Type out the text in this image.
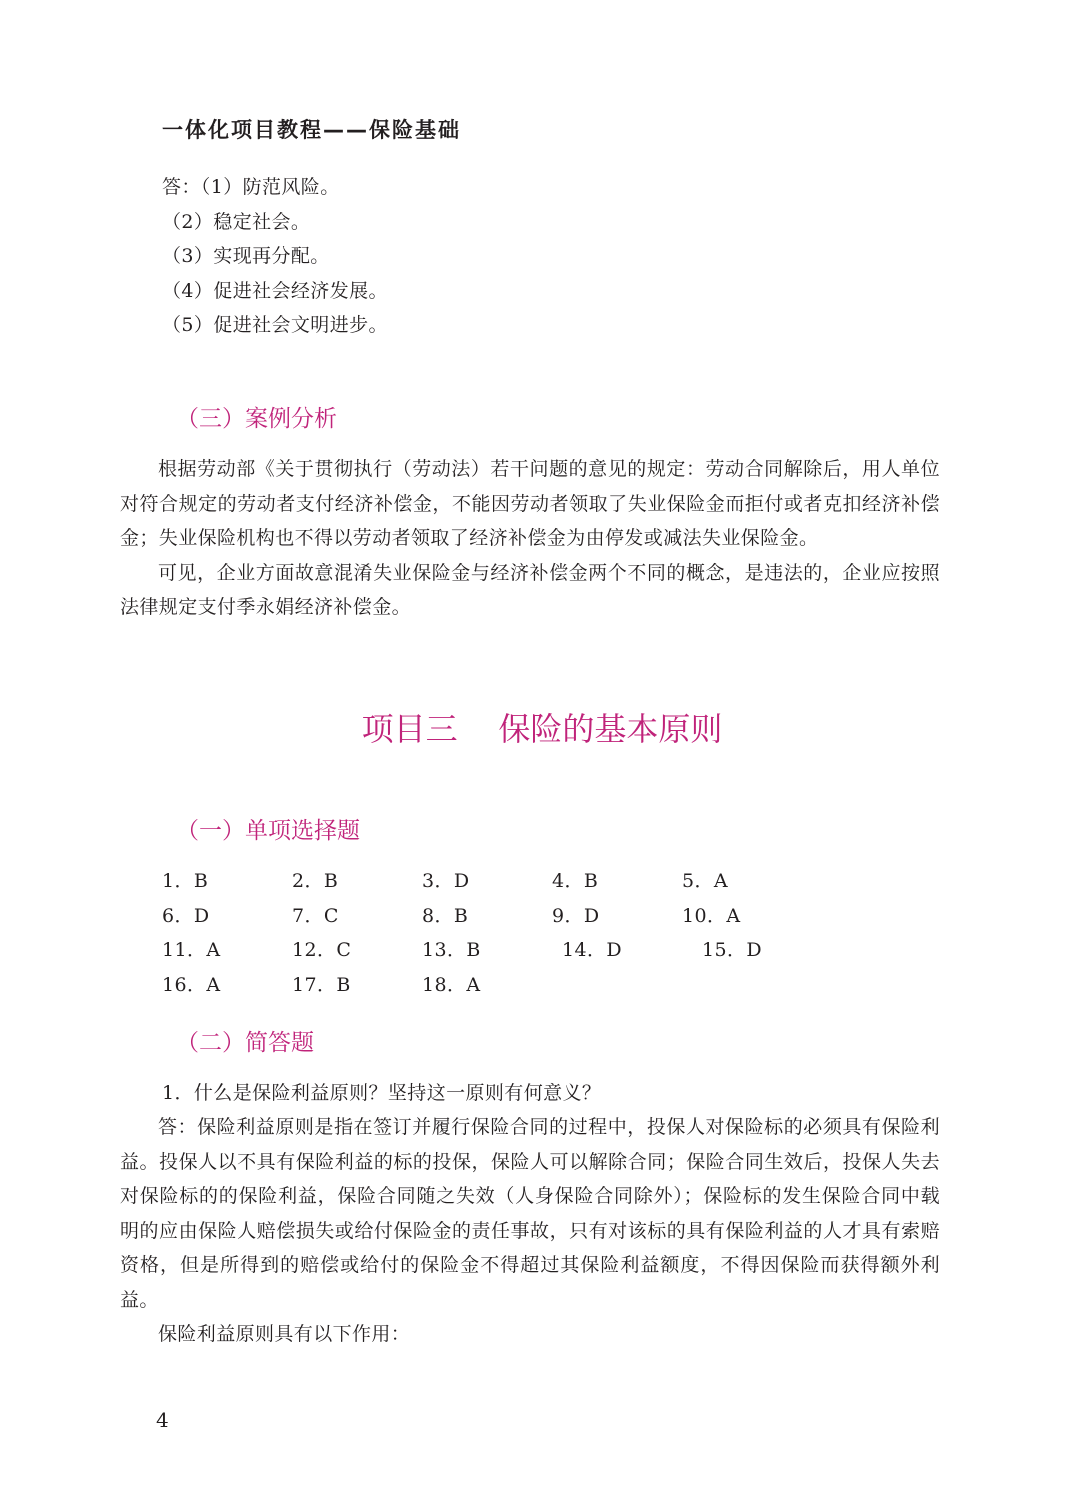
一体化项目教程——保险基础
答：（1）防范风险。
（2）稳定社会。
（3）实现再分配。
（4）促进社会经济发展。
（5）促进社会文明进步。
（三）案例分析

根据劳动部《关于贯彻执行（劳动法）若干问题的意见的规定：劳动合同解除后，用人单位对符合规定的劳动者支付经济补偿金，不能因劳动者领取了失业保险金而拒付或者克扣经济补偿金；失业保险机构也不得以劳动者领取了经济补偿金为由停发或减法失业保险金。

可见，企业方面故意混淆失业保险金与经济补偿金两个不同的概念，是违法的，企业应按照法律规定支付季永娟经济补偿金。

项目三    保险的基本原则
（一）单项选择题
1．B	2．B	3．D	4．B	5．A
6．D	7．C	8．B	9．D	10．A
11．A	12．C	13．B	14．D	15．D
16．A	17．B	18．A
（二）简答题
1．什么是保险利益原则？坚持这一原则有何意义？

答：保险利益原则是指在签订并履行保险合同的过程中，投保人对保险标的必须具有保险利益。投保人以不具有保险利益的标的投保，保险人可以解除合同；保险合同生效后，投保人失去对保险标的的保险利益，保险合同随之失效（人身保险合同除外）；保险标的发生保险合同中载明的应由保险人赔偿损失或给付保险金的责任事故，只有对该标的具有保险利益的人才具有索赔资格，但是所得到的赔偿或给付的保险金不得超过其保险利益额度，不得因保险而获得额外利益。

保险利益原则具有以下作用：

4
